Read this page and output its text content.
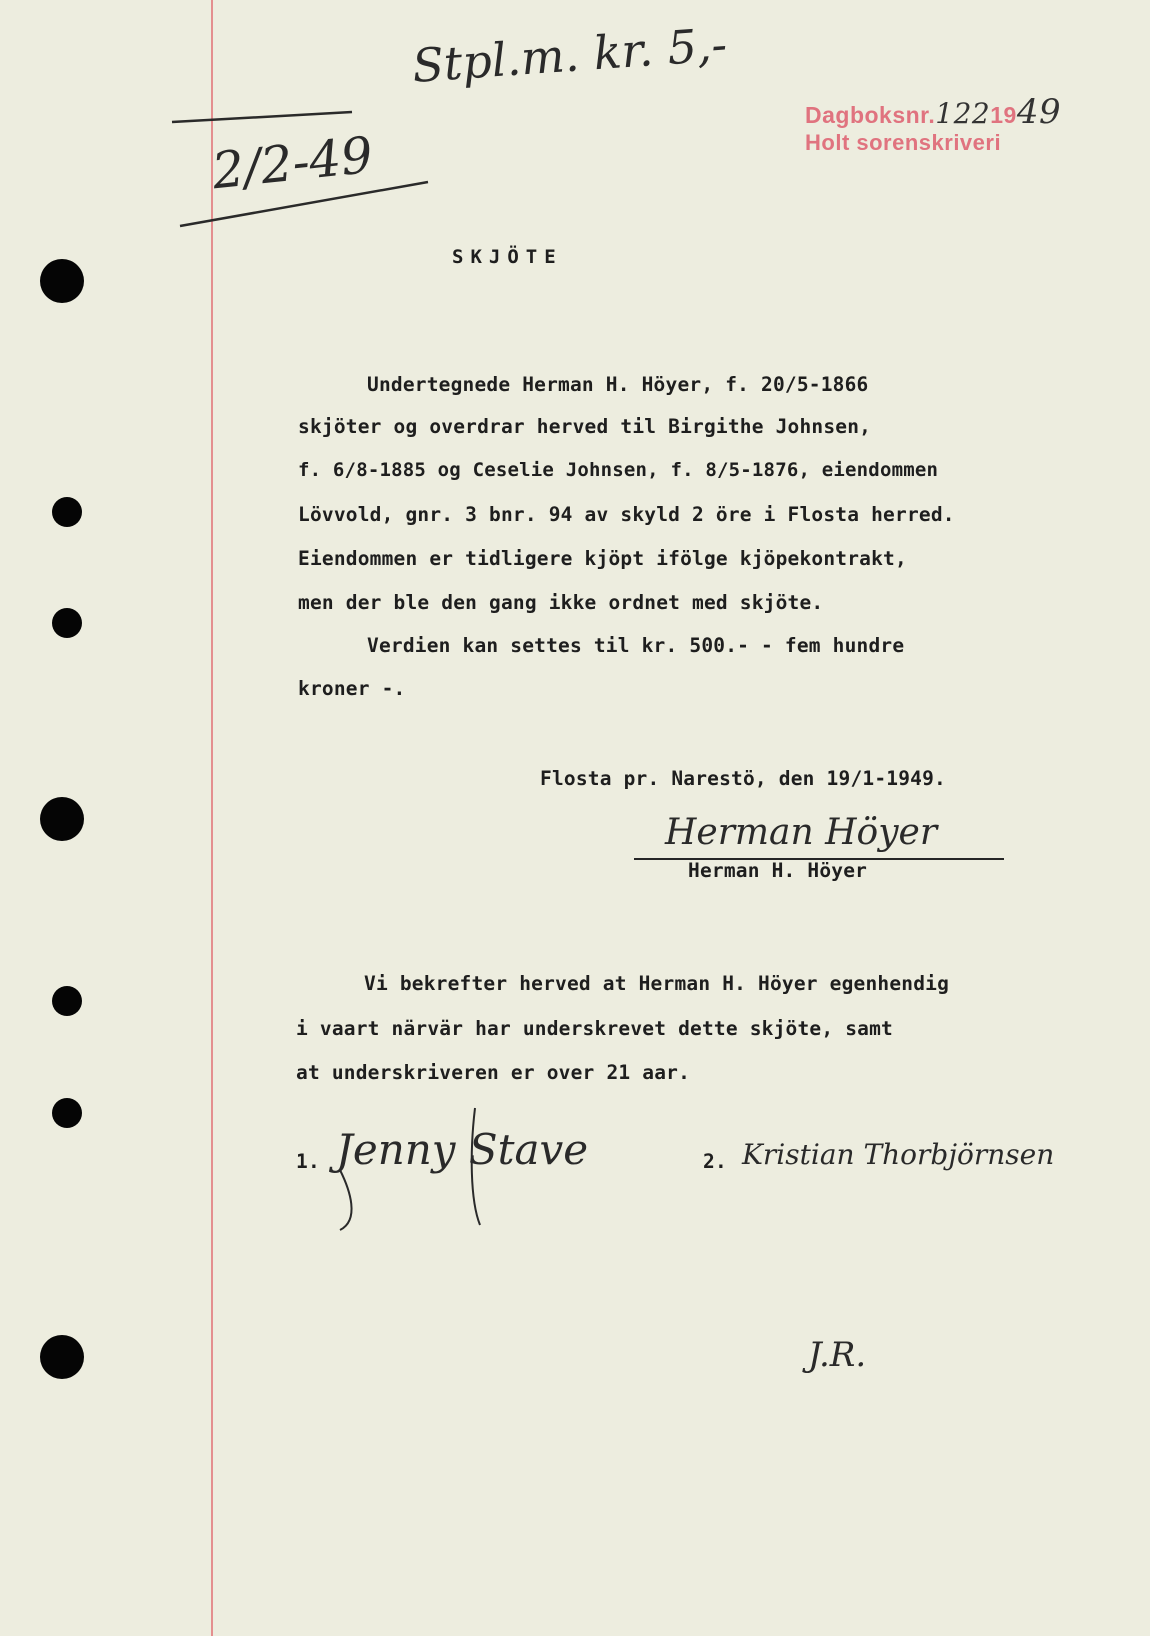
Stpl.m. kr. 5,-
2/2-49
Dagboksnr.1221949
Holt sorenskriveri
SKJÖTE
Undertegnede Herman H. Höyer, f. 20/5-1866
skjöter og overdrar herved til Birgithe Johnsen,
f. 6/8-1885 og Ceselie Johnsen, f. 8/5-1876, eiendommen
Lövvold, gnr. 3 bnr. 94 av skyld 2 öre i Flosta herred.
Eiendommen er tidligere kjöpt ifölge kjöpekontrakt,
men der ble den gang ikke ordnet med skjöte.
Verdien kan settes til kr. 500.- - fem hundre
kroner -.
Flosta pr. Narestö, den 19/1-1949.
Herman Höyer
Herman H. Höyer
Vi bekrefter herved at Herman H. Höyer egenhendig
i vaart närvär har underskrevet dette skjöte, samt
at underskriveren er over 21 aar.
1. Jenny Stave	2. Kristian Thorbjörnsen
J.R.
